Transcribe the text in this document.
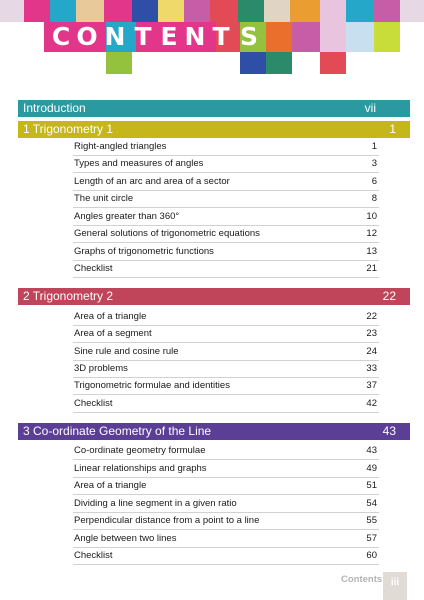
C O N T E N T S
Introduction	vii
1 Trigonometry 1	1
Right-angled triangles	1
Types and measures of angles	3
Length of an arc and area of a sector	6
The unit circle	8
Angles greater than 360°	10
General solutions of trigonometric equations	12
Graphs of trigonometric functions	13
Checklist	21
2 Trigonometry 2	22
Area of a triangle	22
Area of a segment	23
Sine rule and cosine rule	24
3D problems	33
Trigonometric formulae and identities	37
Checklist	42
3 Co-ordinate Geometry of the Line	43
Co-ordinate geometry formulae	43
Linear relationships and graphs	49
Area of a triangle	51
Dividing a line segment in a given ratio	54
Perpendicular distance from a point to a line	55
Angle between two lines	57
Checklist	60
Contents iii
